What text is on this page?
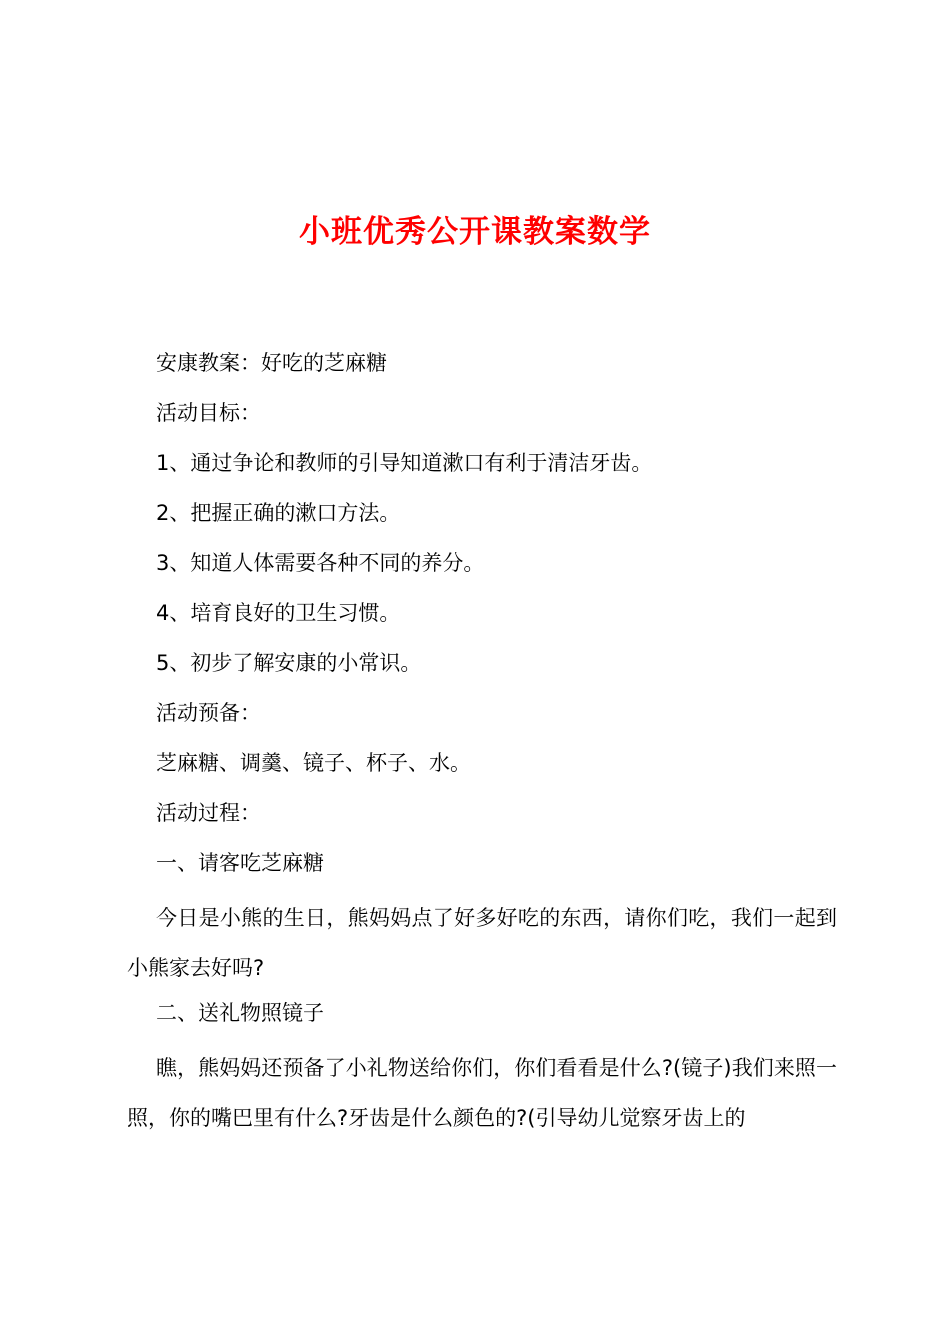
小班优秀公开课教案数学
安康教案：好吃的芝麻糖
活动目标：
1、通过争论和教师的引导知道漱口有利于清洁牙齿。
2、把握正确的漱口方法。
3、知道人体需要各种不同的养分。
4、培育良好的卫生习惯。
5、初步了解安康的小常识。
活动预备：
芝麻糖、调羹、镜子、杯子、水。
活动过程：
一、请客吃芝麻糖
今日是小熊的生日，熊妈妈点了好多好吃的东西，请你们吃，我们一起到小熊家去好吗?
二、送礼物照镜子
瞧，熊妈妈还预备了小礼物送给你们，你们看看是什么?(镜子)我们来照一照，你的嘴巴里有什么?牙齿是什么颜色的?(引导幼儿觉察牙齿上的
